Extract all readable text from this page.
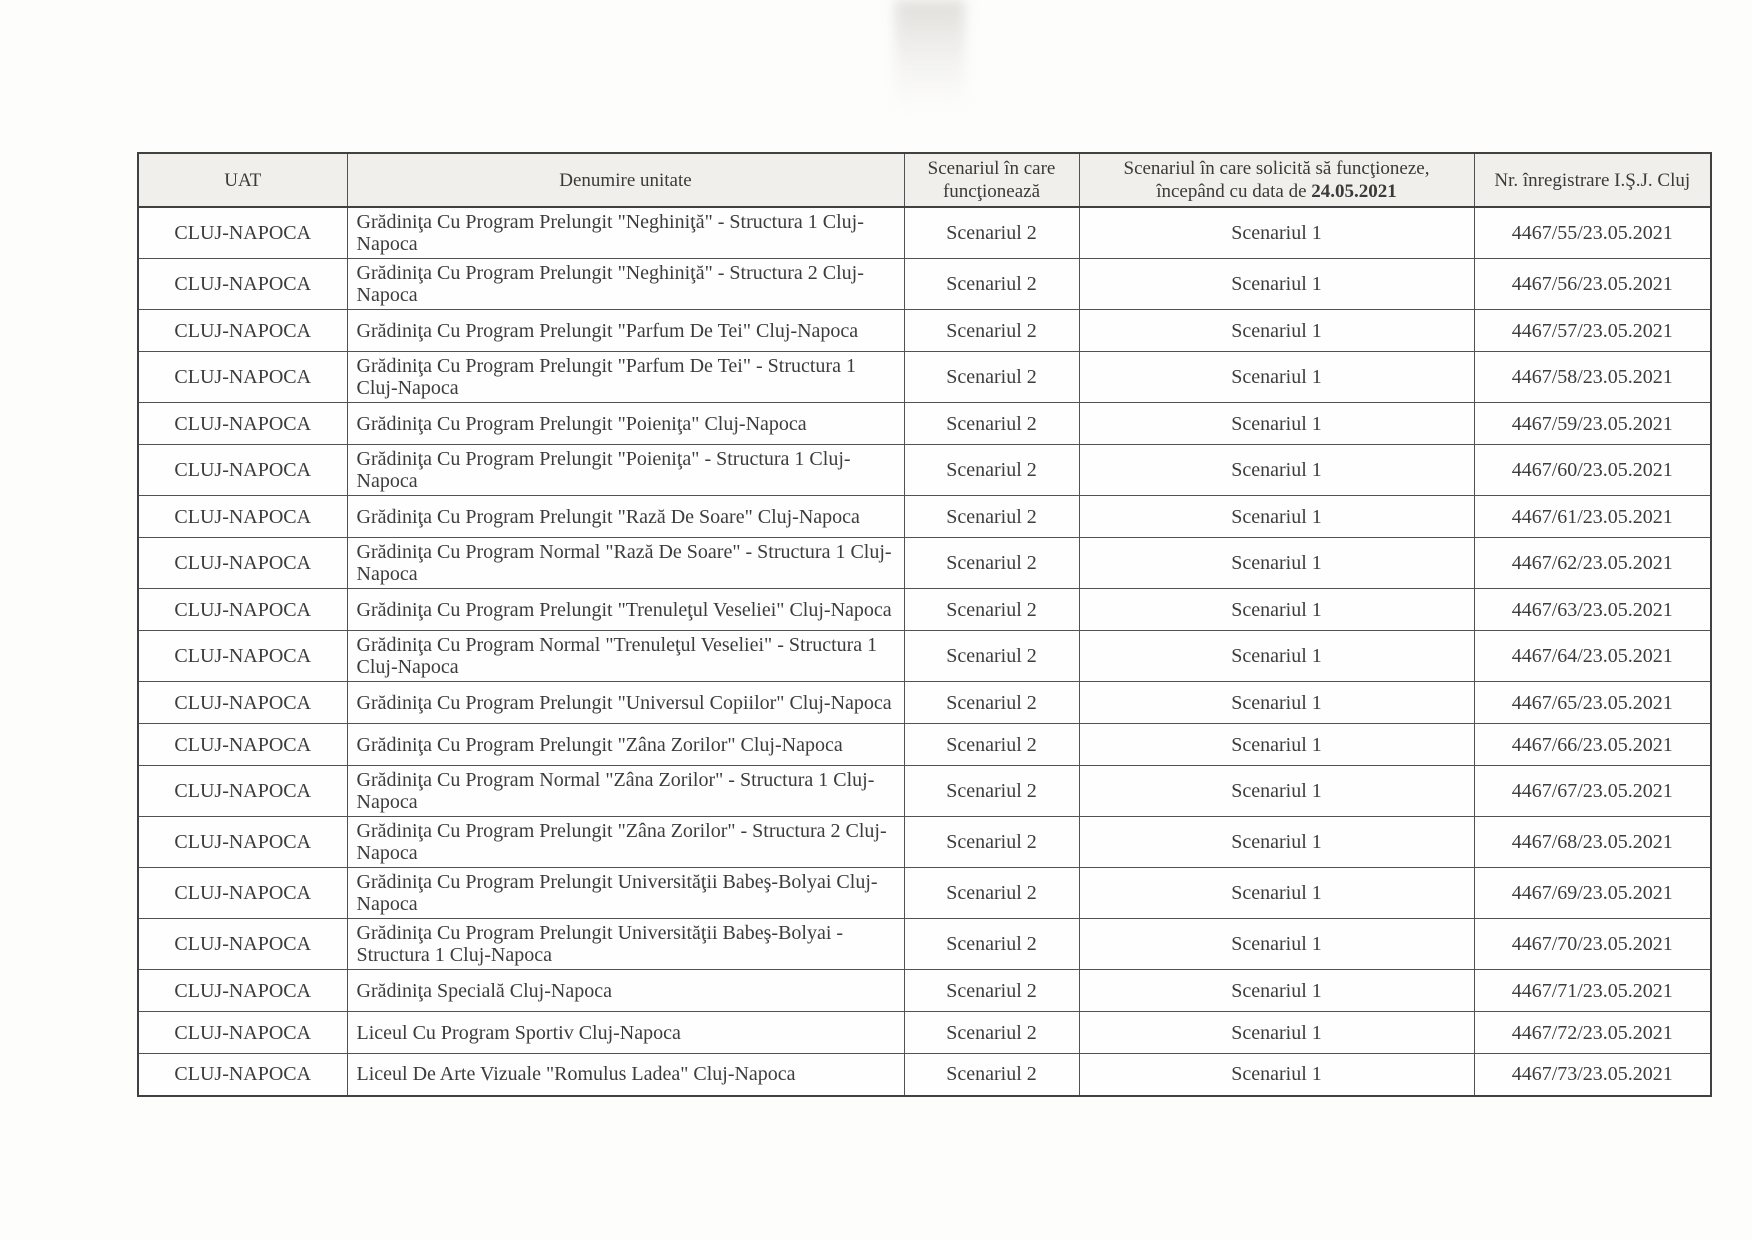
UAT	Denumire unitate	Scenariul în care funcţionează	Scenariul în care solicită să funcţioneze, începând cu data de 24.05.2021	Nr. înregistrare I.Ş.J. Cluj
CLUJ-NAPOCA	Grădiniţa Cu Program Prelungit "Neghiniţă" - Structura 1 Cluj-Napoca	Scenariul 2	Scenariul 1	4467/55/23.05.2021
CLUJ-NAPOCA	Grădiniţa Cu Program Prelungit "Neghiniţă" - Structura 2 Cluj-Napoca	Scenariul 2	Scenariul 1	4467/56/23.05.2021
CLUJ-NAPOCA	Grădiniţa Cu Program Prelungit "Parfum De Tei" Cluj-Napoca	Scenariul 2	Scenariul 1	4467/57/23.05.2021
CLUJ-NAPOCA	Grădiniţa Cu Program Prelungit "Parfum De Tei" - Structura 1 Cluj-Napoca	Scenariul 2	Scenariul 1	4467/58/23.05.2021
CLUJ-NAPOCA	Grădiniţa Cu Program Prelungit "Poieniţa" Cluj-Napoca	Scenariul 2	Scenariul 1	4467/59/23.05.2021
CLUJ-NAPOCA	Grădiniţa Cu Program Prelungit "Poieniţa" - Structura 1 Cluj-Napoca	Scenariul 2	Scenariul 1	4467/60/23.05.2021
CLUJ-NAPOCA	Grădiniţa Cu Program Prelungit "Rază De Soare" Cluj-Napoca	Scenariul 2	Scenariul 1	4467/61/23.05.2021
CLUJ-NAPOCA	Grădiniţa Cu Program Normal "Rază De Soare" - Structura 1 Cluj-Napoca	Scenariul 2	Scenariul 1	4467/62/23.05.2021
CLUJ-NAPOCA	Grădiniţa Cu Program Prelungit "Trenuleţul Veseliei" Cluj-Napoca	Scenariul 2	Scenariul 1	4467/63/23.05.2021
CLUJ-NAPOCA	Grădiniţa Cu Program Normal "Trenuleţul Veseliei" - Structura 1 Cluj-Napoca	Scenariul 2	Scenariul 1	4467/64/23.05.2021
CLUJ-NAPOCA	Grădiniţa Cu Program Prelungit "Universul Copiilor" Cluj-Napoca	Scenariul 2	Scenariul 1	4467/65/23.05.2021
CLUJ-NAPOCA	Grădiniţa Cu Program Prelungit "Zâna Zorilor" Cluj-Napoca	Scenariul 2	Scenariul 1	4467/66/23.05.2021
CLUJ-NAPOCA	Grădiniţa Cu Program Normal "Zâna Zorilor" - Structura 1 Cluj-Napoca	Scenariul 2	Scenariul 1	4467/67/23.05.2021
CLUJ-NAPOCA	Grădiniţa Cu Program Prelungit "Zâna Zorilor" - Structura 2 Cluj-Napoca	Scenariul 2	Scenariul 1	4467/68/23.05.2021
CLUJ-NAPOCA	Grădiniţa Cu Program Prelungit Universităţii Babeş-Bolyai Cluj-Napoca	Scenariul 2	Scenariul 1	4467/69/23.05.2021
CLUJ-NAPOCA	Grădiniţa Cu Program Prelungit Universităţii Babeş-Bolyai - Structura 1 Cluj-Napoca	Scenariul 2	Scenariul 1	4467/70/23.05.2021
CLUJ-NAPOCA	Grădiniţa Specială Cluj-Napoca	Scenariul 2	Scenariul 1	4467/71/23.05.2021
CLUJ-NAPOCA	Liceul Cu Program Sportiv Cluj-Napoca	Scenariul 2	Scenariul 1	4467/72/23.05.2021
CLUJ-NAPOCA	Liceul De Arte Vizuale "Romulus Ladea" Cluj-Napoca	Scenariul 2	Scenariul 1	4467/73/23.05.2021
